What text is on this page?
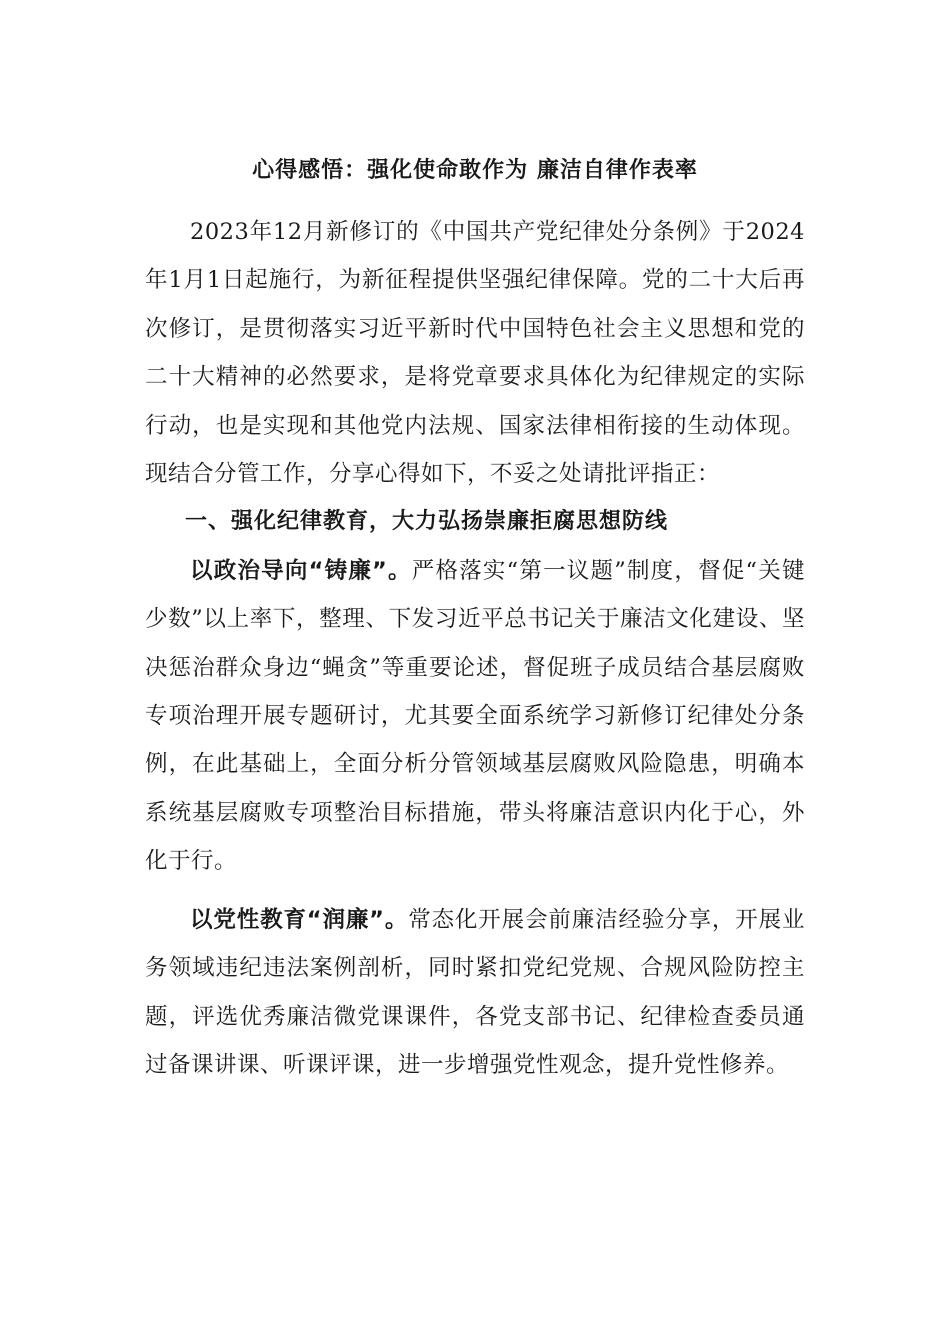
心得感悟：强化使命敢作为 廉洁自律作表率

2023年12月新修订的《中国共产党纪律处分条例》于2024年1月1日起施行，为新征程提供坚强纪律保障。党的二十大后再次修订，是贯彻落实习近平新时代中国特色社会主义思想和党的二十大精神的必然要求，是将党章要求具体化为纪律规定的实际行动，也是实现和其他党内法规、国家法律相衔接的生动体现。现结合分管工作，分享心得如下，不妥之处请批评指正：

一、强化纪律教育，大力弘扬崇廉拒腐思想防线

以政治导向“铸廉”。严格落实“第一议题”制度，督促“关键少数”以上率下，整理、下发习近平总书记关于廉洁文化建设、坚决惩治群众身边“蝇贪”等重要论述，督促班子成员结合基层腐败专项治理开展专题研讨，尤其要全面系统学习新修订纪律处分条例，在此基础上，全面分析分管领域基层腐败风险隐患，明确本系统基层腐败专项整治目标措施，带头将廉洁意识内化于心，外化于行。

以党性教育“润廉”。常态化开展会前廉洁经验分享，开展业务领域违纪违法案例剖析，同时紧扣党纪党规、合规风险防控主题，评选优秀廉洁微党课课件，各党支部书记、纪律检查委员通过备课讲课、听课评课，进一步增强党性观念，提升党性修养。
